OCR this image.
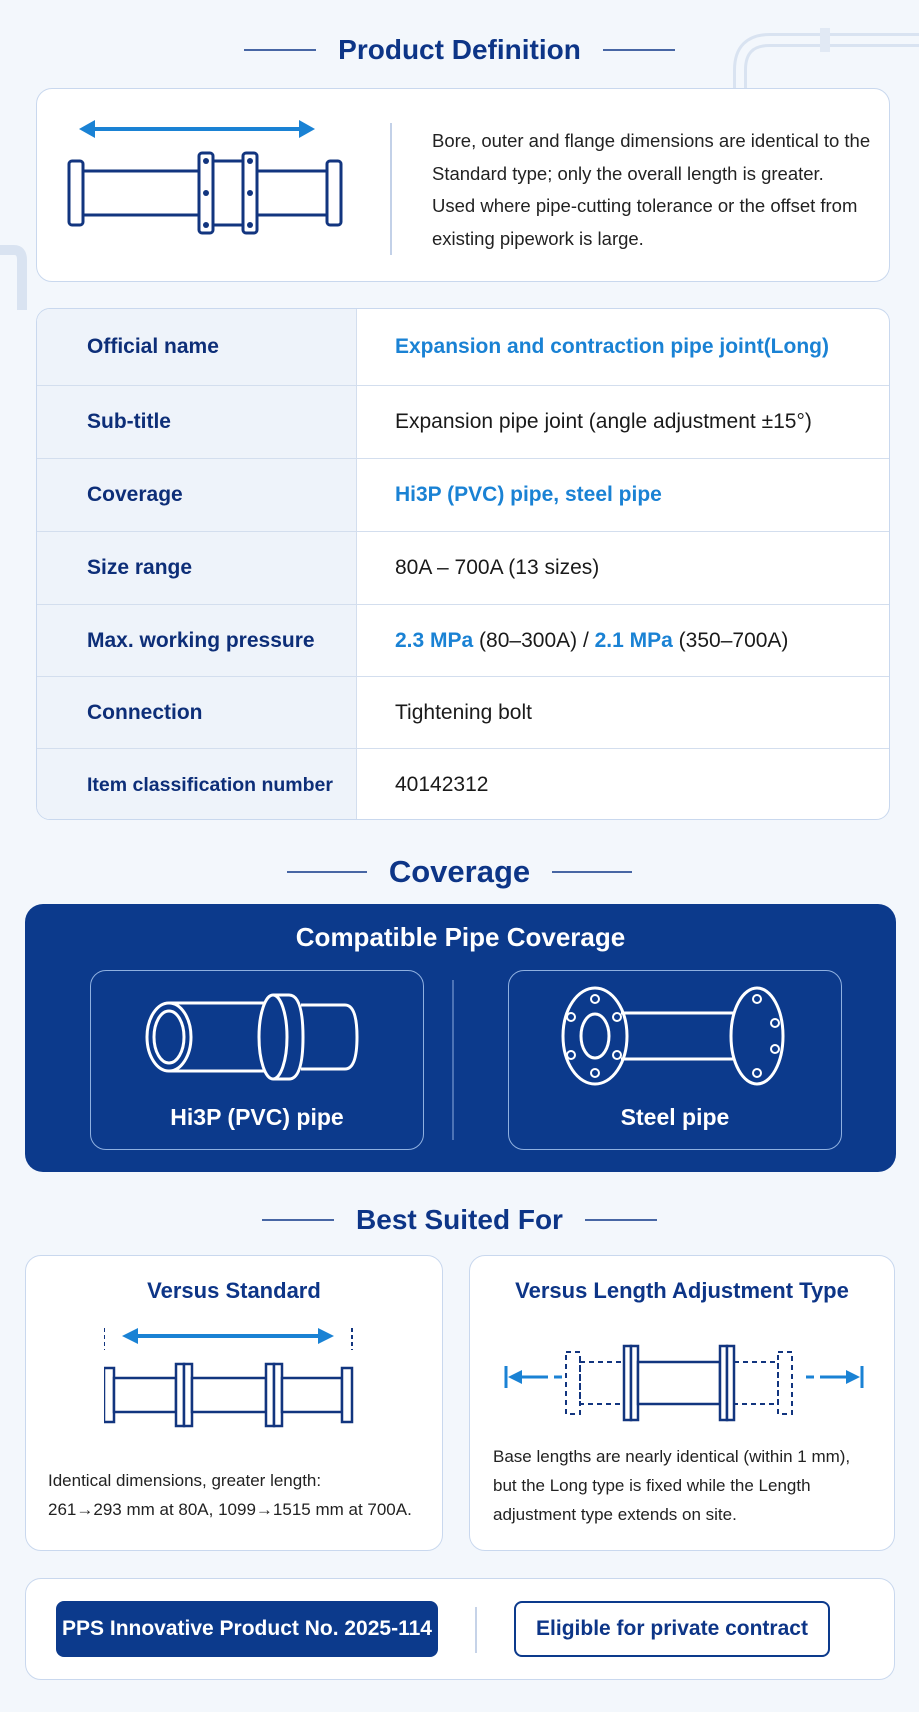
Product Definition

Bore, outer and flange dimensions are identical to the Standard type; only the overall length is greater. Used where pipe-cutting tolerance or the offset from existing pipework is large.

Official name	Expansion and contraction pipe joint(Long)
Sub-title	Expansion pipe joint (angle adjustment ±15°)
Coverage	Hi3P (PVC) pipe, steel pipe
Size range	80A – 700A (13 sizes)
Max. working pressure	2.3 MPa (80–300A) / 2.1 MPa (350–700A)
Connection	Tightening bolt
Item classification number	40142312
Coverage
Compatible Pipe Coverage
Hi3P (PVC) pipe	Steel pipe
Best Suited For
Versus Standard
Identical dimensions, greater length:
261→293 mm at 80A, 1099→1515 mm at 700A.
Versus Length Adjustment Type
Base lengths are nearly identical (within 1 mm),
but the Long type is fixed while the Length
adjustment type extends on site.
PPS Innovative Product No. 2025-114	Eligible for private contract
